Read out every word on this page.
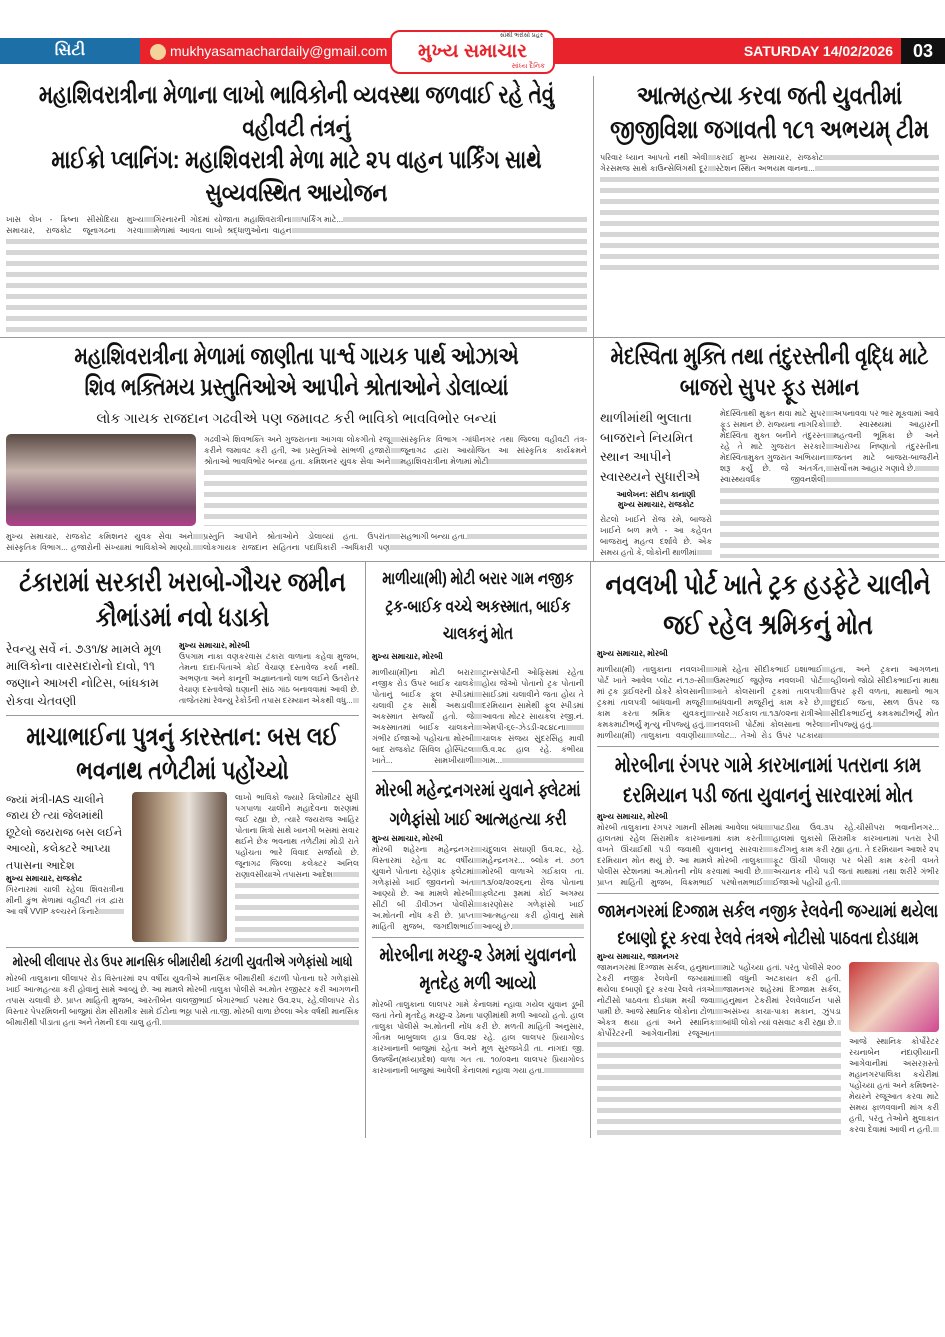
સિટી	mukhyasamachardaily@gmail.com
સૌથી ભરોસો પ્રહર
મુખ્ય સમાચાર
સાંધ્ય દૈનિક
SATURDAY 14/02/2026	03
મહાશિવરાત્રીના મેળાના લાખો ભાવિકોની વ્યવસ્થા જળવાઈ રહે તેવું વહીવટી તંત્રનું
માઈક્રો પ્લાનિંગ: મહાશિવરાત્રી મેળા માટે ૨૫ વાહન પાર્કિંગ સાથે સુવ્યવસ્થિત આયોજન
ખાસ લેખ - ક્રિષ્ના સીસોદિયા મુખ્ય સમાચાર, રાજકોટ જૂનાગઢના ગરવા ગિરનારની ગોદમાં યોજાતા મહાશિવરાત્રીના મેળામાં આવતા લાખો શ્રદ્ધાળુઓના વાહન પાર્કિંગ માટે...
આત્મહત્યા કરવા જતી યુવતીમાં
જીજીવિશા જગાવતી ૧૮૧ અભયમ્ ટીમ
પરિવાર ધ્યાન આપતો નથી એવી ગેરસમજ સાથે કાઉન્સેલિંગથી દૂર કરાઈ મુખ્ય સમાચાર, રાજકોટ સ્ટેશન સ્થિત અભયમ વાનના...
મહાશિવરાત્રીના મેળામાં જાણીતા પાર્શ્વ ગાયક પાર્થ ઓઝાએ
શિવ ભક્તિમય પ્રસ્તુતિઓએ આપીને શ્રોતાઓને ડોલાવ્યાં
લોક ગાયક રાજદાન ગઢવીએ પણ જમાવટ કરી ભાવિકો ભાવવિભોર બન્યાં
ગઢવીએ શિવભક્તિ અને ગુજરાતના આગવા લોકગીતો રજૂ કરીને જમાવટ કરી હતી, આ પ્રસ્તુતિઓ સાંભળી હજારો શ્રોતાઓ ભાવવિભોર બન્યા હતા. કમિશનર યુવક સેવા અને સાંસ્કૃતિક વિભાગ -ગાંધીનગર તથા જિલ્લા વહીવટી તંત્ર- જૂનાગઢ દ્વારા આયોજિત આ સાંસ્કૃતિક કાર્યક્રમને મહાશિવરાત્રીના મેળામાં મોટી
મુખ્ય સમાચાર, રાજકોટ કમિશનર યુવક સેવા અને સાંસ્કૃતિક વિભાગ... હજારોની સંખ્યામાં ભાવિકોએ માણ્યો. પ્રસ્તુતિ આપીને શ્રોતાઓને ડોલાવ્યાં હતા. ઉપરાંત લોકગાયક રાજદાન સહિતના પદાધિકારી -અધિકારી પણ સહભાગી બન્યા હતા.
મેદસ્વિતા મુક્તિ તથા તંદુરસ્તીની વૃદ્ધિ માટે બાજરો સુપર ફૂડ સમાન
થાળીમાંથી ભુલાતા બાજરાને નિયમિત સ્થાન આપીને સ્વાસ્થ્યને સુધારીએ
આલેખન: સંદીપ કાનાણી
મુખ્ય સમાચાર, રાજકોટ
રોટલો ખાઈને રોજ રમે, બાજરો ખાઈને બળ મળે - આ કહેવત બાજરાનું મહત્વ દર્શાવે છે. એક સમય હતો કે, લોકોની થાળીમાં
મેદસ્વિતાથી મુક્ત થવા માટે સુપર ફૂડ સમાન છે. રાજ્યના નાગરિકો મેદસ્વિતા મુક્ત બનીને તંદુરસ્ત રહે તે માટે ગુજરાત સરકારે મેદસ્વિતામુક્ત ગુજરાત અભિયાન શરૂ કર્યું છે. જે અંતર્ગત, સ્વાસ્થ્યવર્ધક જીવનશૈલી અપનાવવા પર ભાર મૂકવામાં આવે છે. સ્વાસ્થ્યમાં આહારની મહત્વની ભૂમિકા છે અને આરોગ્ય નિષ્ણાતો તંદુરસ્તીના જતન માટે બાજરા-બાજરીને સર્વોત્તમ આહાર ગણાવે છે.
ટંકારામાં સરકારી ખરાબો-ગૌચર જમીન કૌભાંડમાં નવો ધડાકો
રેવન્યુ સર્વે નં. ૭૩૧/૪ મામલે મૂળ માલિકોના વારસદારોનો દાવો, ૧૧ જણાને આખરી નોટિસ, બાંધકામ રોકવા ચેતવણી
મુખ્ય સમાચાર, મોરબી
ઉપગામ નાકા વણકરવાસ ટંકારા વાળાના કહેવા મુજબ, તેમના દાદા-પિતાએ કોઈ વેચાણ દસ્તાવેજ કર્યા નથી. અભણતા અને કાનૂની અજ્ઞાનતાનો લાભ લઈને ઉતરોતર વેચાણ દસ્તાવેજો ઘણાની સાંઠ ગાંઠ બનાવવામાં આવી છે. તાજેતરમાં રેવન્યુ રેકોર્ડની તપાસ દરમ્યાન એકથી વધુ...
માચાભાઈના પુત્રનું કારસ્તાન: બસ લઈ ભવનાથ તળેટીમાં પહોંચ્યો
જ્યાં મંત્રી-IAS ચાલીને જાય છે ત્યાં જેલમાંથી છૂટેલો જયરાજ બસ લઈને આવ્યો, કલેક્ટરે આપ્યા તપાસના આદેશ
મુખ્ય સમાચાર, રાજકોટ
ગિરનારમાં ચાલી રહેલા શિવરાત્રીના મીની કુંભ મેળામાં વહીવટી તંત્ર દ્વારા આ વર્ષે VVIP કલ્ચરને કિનારે
લાખો ભાવિકો જ્યારે કિલોમીટર સુધી પગપાળા ચાલીને મહાદેવના શરણમાં જઈ રહ્યા છે, ત્યારે જયરાજ આહિર પોતાના મિત્રો સાથે ખાનગી બસમાં સવાર થઈને છેક ભવનાથ તળેટીમાં મોડી રાતે પહોંચતા ભારે વિવાદ સર્જાયો છે. જૂનાગઢ જિલ્લા કલેક્ટર અનિલ રાણાવસીયાએ તપાસના આદેશ
મોરબી લીલાપર રોડ ઉપર માનસિક બીમારીથી કંટાળી યુવતીએ ગળેફાંસો ખાધો
મોરબી તાલુકાના લીલાપર રોડ વિસ્તારમાં ૨૫ વર્ષીય યુવતીએ માનસિક બીમારીથી કંટાળી પોતાના ઘરે ગળેફાંસો ખાઈ આત્મહત્યા કરી હોવાનું સામે આવ્યું છે. આ મામલે મોરબી તાલુકા પોલીસે અ.મોત રજીસ્ટર કરી આગળની તપાસ ચલાવી છે. પ્રાપ્ત માહિતી મુજબ, આરતીબેન વાલજીભાઈ બેંગારભાઈ પરમાર ઉવ.૨૫, રહે.લીલાપર રોડ વિસ્તાર પેપરમિલની બાજુમાં રોમ સીરામીક સામે ઈંટોના ભઠ્ઠા પાસે તા.જી. મોરબી વાળા છેલ્લા એક વર્ષથી માનસિક બીમારીથી પીડાતા હતા અને તેમની દવા ચાલુ હતી.
માળીયા(મી) મોટી બરાર ગામ નજીક ટ્રક-બાઈક વચ્ચે અકસ્માત, બાઈક ચાલકનું મોત
મુખ્ય સમાચાર, મોરબી
માળીયા(મી)ના મોટી બરાર નજીક રોડ ઉપર બાઈક ચાલકે પોતાનું બાઈક ફૂલ સ્પીડમાં ચલાવી ટ્રક સાથે અથડાવી અકસ્માત સર્જ્યો હતો. જે અકસ્માતમાં બાઈક ચાલકને ગંભીર ઈજાઓ પહોંચતા મોરબી બાદ રાજકોટ સિવિલ હોસ્પિટલ ખાતે... સામખીયાળી ટ્રાન્સપોર્ટની ઓફિસમાં રહેતા હોય જેઓ પોતાનો ટ્રક પોતાની સાઈડમાં ચલાવીને જતા હોય તે દરમિયાન સામેથી ફૂલ સ્પીડમાં આવતા મોટર સાયકલ રજી.નં. એમપી-૬૯-ઝેડડી-૨૮૪૮ના ચાલક સંજય સુંદરસિંહ માવી ઉ.વ.૨૮ હાલ રહે. કંભીયા ગામ...
મોરબી મહેન્દ્રનગરમાં યુવાને ફ્લેટમાં ગળેફાંસો ખાઈ આત્મહત્યા કરી
મુખ્ય સમાચાર, મોરબી
મોરબી શહેરના મહેન્દ્રનગર વિસ્તારમાં રહેતા ૨૮ વર્ષીય યુવાને પોતાના રહેણાંક ફ્લેટમાં ગળેફાંસો ખાઈ જીવનનો અંત આણ્યો છે. આ મામલે મોરબી સીટી બી ડીવીઝન પોલીસે અ.મોતની નોંધ કરી છે. પ્રાપ્ત માહિતી મુજબ, જગદીશભાઈ ચંદુલાલ સંઘાણી ઉવ.૨૮, રહે. મહેન્દ્રનગર... બ્લોક નં. ૭૦૧ મોરબી વાળાએ ગઈકાલ તા. ૧૩/૦૨/૨૦૨૬ના રોજ પોતાના ફ્લેટના રૂમમાં કોઈ અગમ્ય કારણોસર ગળેફાંસો ખાઈ આત્મહત્યા કરી હોવાનું સામે આવ્યું છે.
મોરબીના મચ્છુ-૨ ડેમમાં યુવાનનો મૃતદેહ મળી આવ્યો
મોરબી તાલુકાના લાલપર ગામે કેનાલમાં ન્હાવા ગયેલ યુવાન ડૂબી જતાં તેનો મૃતદેહ મચ્છુ-૨ ડેમના પાણીમાંથી મળી આવ્યો હતો. હાલ તાલુકા પોલીસે અ.મોતની નોંધ કરી છે. મળતી માહિતી અનુસાર, ગૌતમ બાબુલાલ હાડા ઉવ.૨૪ રહે. હાલ લાલપર પ્રિયાગોલ્ડ કારખાનાની બાજુમાં રહેતા અને મૂળ સુરજખેડી તા. નાગદા જી. ઉજ્જૈન(મધ્યપ્રદેશ) વાળા ગત તા. ૧૦/૦૨ના લાલપર પ્રિયાગોલ્ડ કારખાનાની બાજુમાં આવેલી કેનાલમાં ન્હાવા ગયા હતા.
નવલખી પોર્ટ ખાતે ટ્રક હડફેટે ચાલીને જઈ રહેલ શ્રમિકનું મોત
મુખ્ય સમાચાર, મોરબી
માળીયા(મી) તાલુકાના નવલખી પોર્ટ ખાતે આવેલ પ્લોટ નં.૧૭-સી માં ટ્રક ડ્રાઈવરની ઠોકરે કોલસાની ટ્રકમાં તાલપત્રી બાંધવાની મજૂરી કામ કરતા શ્રમિક યુવકનું કમકમાટીભર્યું મૃત્યુ નીપજ્યું હતું. માળીયા(મી) તાલુકાના વવાણીયા ગામે રહેતા સીદીકભાઈ ઇશાભાઈ ઉમરભાઈ જુણેજ નવલખી પોર્ટ ખાતે કોલસાની ટ્રકમાં તાલપત્રી બાંધવાની મજૂરીનું કામ કરે છે, ત્યારે ગઈકાલ તા.૧૩/૦૨ના રાત્રીએ નવલખી પોર્ટમાં કોલસાના ભરેલ પ્લોટ... તેઓ રોડ ઉપર પટકાયા હતા, અને ટ્રકના આગળના વ્હીલનો જોઠો સીદીકભાઈના માથા ઉપર ફરી વળતા, માથાનો ભાગ છુંદાઈ જતા, સ્થળ ઉપર જ સીદીકભાઈનું કમકમાટીભર્યું મોત નીપજ્યું હતું.
મોરબીના રંગપર ગામે કારખાનામાં પતરાના કામ દરમિયાન પડી જતા યુવાનનું સારવારમાં મોત
મુખ્ય સમાચાર, મોરબી
મોરબી તાલુકાના રંગપર ગામની સીમમાં આવેલા બંધ હાલતમાં રહેલ સિરામીક કારખાનામાં કામ કરતી વખતે ઊંચાઈથી પડી જવાથી યુવાનનું સારવાર દરમિયાન મોત થયું છે. આ મામલે મોરબી તાલુકા પોલીસ સ્ટેશનમાં અ.મોતની નોંધ કરવામાં આવી છે. પ્રાપ્ત માહિતી મુજબ, વિક્રમભાઈ પરષોત્તમભાઈ પાટડીયા ઉંવ.૩૫ રહે.ચીસીપરા ભવાનીનગર... હાલમાં લુકાસો સિરામીક કારખાનામાં પતરા રેપી કટીંગનું કામ કરી રહ્યા હતા. તે દરમિયાન આશરે ૨૫ ફૂટ ઊંચી પીલાણ પર બેસી કામ કરતી વખતે અચાનક નીચે પડી જતાં માથામાં તથા શરીરે ગંભીર ઈજાઓ પહોંચી હતી.
જામનગરમાં દિગ્જામ સર્કલ નજીક રેલવેની જગ્યામાં થયેલા દબાણો દૂર કરવા રેલવે તંત્રએ નોટીસો પાઠવતા દોડધામ
મુખ્ય સમાચાર, જામનગર
જામનગરમાં દિગ્જામ સર્કલ, હનુમાન ટેકરી નજીક રેલવેની જગ્યામાં થયેલા દબાણો દૂર કરવા રેલવે તંત્રએ નોટીસો પાઠવતા દોડધામ મચી જવા પામી છે. આજે સ્થાનિક લોકોના ટોળા એકત્ર થયા હતાં અને સ્થાનિક કોર્પોરેટરની આગેવાનીમાં રજૂઆત માટે પહોંચ્યા હતાં. પરંતુ પોલીસે ૨૦૦ થી વધુની અટકાયત કરી હતી. જામનગર શહેરમાં દિગ્જામ સર્કલ, હનુમાન ટેકરીમાં રેલવેલાઈન પાસે અસંખ્ય કાચા-પાકા મકાન, ઝુંપડા બાંધી લોકો ત્યાં વસવાટ કરી રહ્યા છે.
આજે સ્થાનિક કોર્પોરેટર રચનાબેન નંદાણીયાની આગેવાનીમાં અસરગ્રસ્તો મહાનગરપાલિકા કચેરીમાં પહોંચ્યા હતાં અને કમિશ્નર-મેયરને રજૂઆત કરવા માટે સમય ફાળવવાની માંગ કરી હતી, પરંતુ તેઓને મુલાકાત કરવા દેવામાં આવી ન હતી.
